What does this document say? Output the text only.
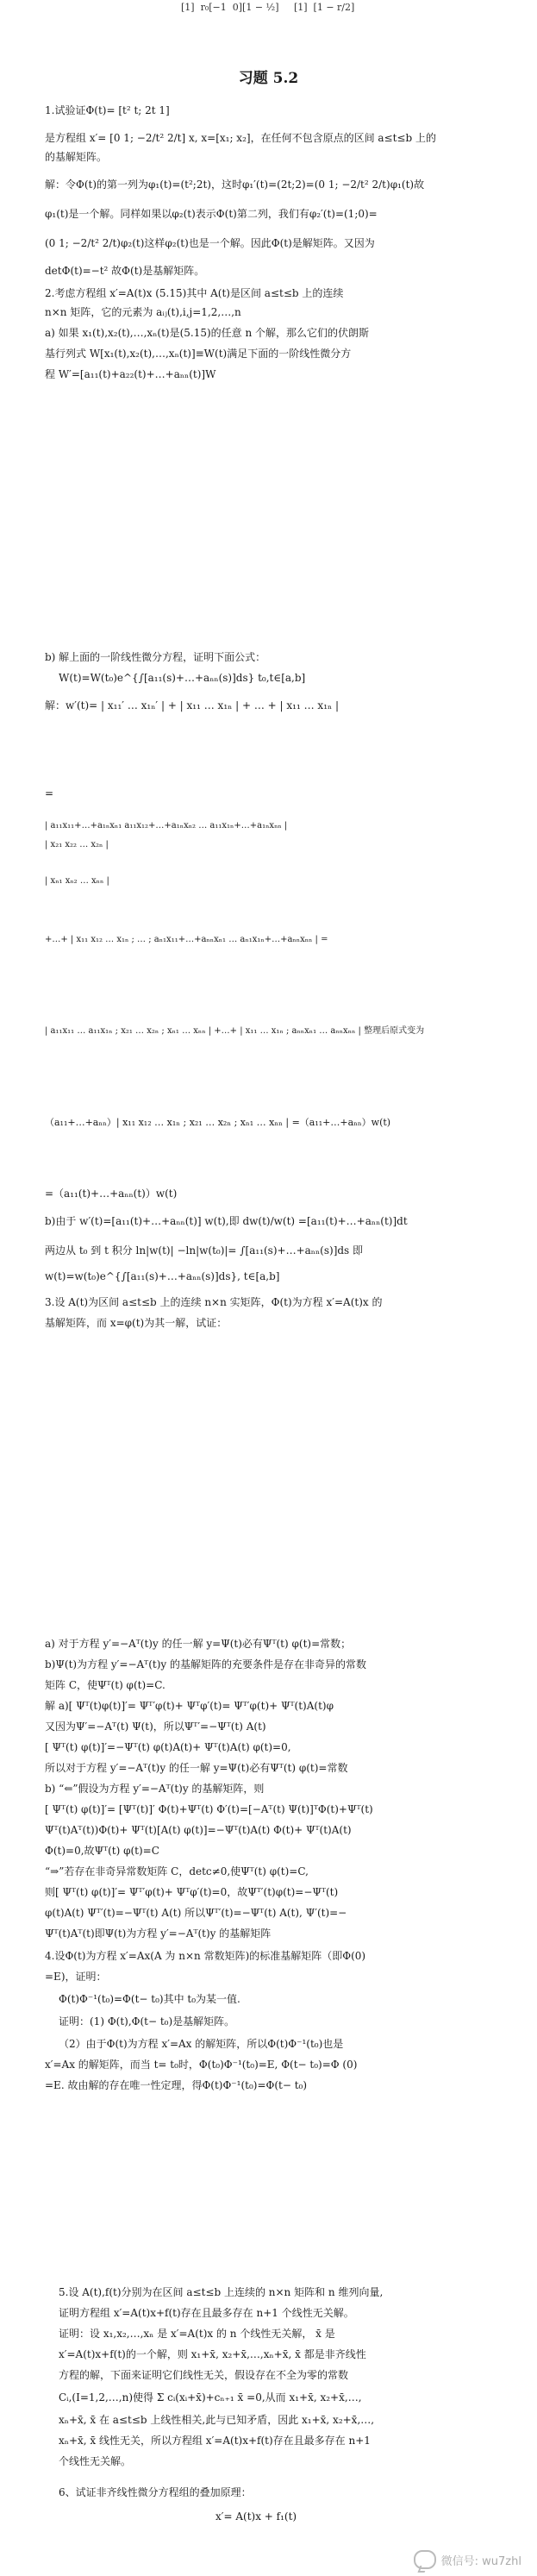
[1]  r₀[−1  0][1 − ½]     [1]  [1 − r/2]
习题 5.2
1.试验证Φ(t)= [t² t; 2t 1]
是方程组 x′= [0 1; −2/t² 2/t] x, x=[x₁; x₂]，在任何不包含原点的区间 a≤t≤b 上的
的基解矩阵。
解：令Φ(t)的第一列为φ₁(t)=(t²;2t)，这时φ₁′(t)=(2t;2)=(0 1; −2/t² 2/t)φ₁(t)故
φ₁(t)是一个解。同样如果以φ₂(t)表示Φ(t)第二列，我们有φ₂′(t)=(1;0)=
(0 1; −2/t² 2/t)φ₂(t)这样φ₂(t)也是一个解。因此Φ(t)是解矩阵。又因为
detΦ(t)=−t² 故Φ(t)是基解矩阵。
2.考虑方程组 x′=A(t)x (5.15)其中 A(t)是区间 a≤t≤b 上的连续
n×n 矩阵，它的元素为 aᵢⱼ(t),i,j=1,2,…,n
a) 如果 x₁(t),x₂(t),…,xₙ(t)是(5.15)的任意 n 个解，那么它们的伏朗斯
基行列式 W[x₁(t),x₂(t),…,xₙ(t)]≡W(t)满足下面的一阶线性微分方
程 W′=[a₁₁(t)+a₂₂(t)+…+aₙₙ(t)]W
b) 解上面的一阶线性微分方程，证明下面公式：
W(t)=W(t₀)e^{∫[a₁₁(s)+…+aₙₙ(s)]ds} t₀,t∈[a,b]
解：w′(t)= | x₁₁′ … x₁ₙ′ | + | x₁₁ … x₁ₙ | + … + | x₁₁ … x₁ₙ |
=
| a₁₁x₁₁+…+a₁ₙxₙ₁ a₁₁x₁₂+…+a₁ₙxₙ₂ … a₁₁x₁ₙ+…+a₁ₙxₙₙ |
| x₂₁ x₂₂ … x₂ₙ |
| xₙ₁ xₙ₂ … xₙₙ |
+…+ | x₁₁ x₁₂ … x₁ₙ ; … ; aₙ₁x₁₁+…+aₙₙxₙ₁ … aₙ₁x₁ₙ+…+aₙₙxₙₙ | =
| a₁₁x₁₁ … a₁₁x₁ₙ ; x₂₁ … x₂ₙ ; xₙ₁ … xₙₙ | +…+ | x₁₁ … x₁ₙ ; aₙₙxₙ₁ … aₙₙxₙₙ | 整理后原式变为
（a₁₁+…+aₙₙ）| x₁₁ x₁₂ … x₁ₙ ; x₂₁ … x₂ₙ ; xₙ₁ … xₙₙ | =（a₁₁+…+aₙₙ）w(t)
=（a₁₁(t)+…+aₙₙ(t)）w(t)
b)由于 w′(t)=[a₁₁(t)+…+aₙₙ(t)] w(t),即 dw(t)/w(t) =[a₁₁(t)+…+aₙₙ(t)]dt
两边从 t₀ 到 t 积分 ln|w(t)| −ln|w(t₀)|= ∫[a₁₁(s)+…+aₙₙ(s)]ds 即
w(t)=w(t₀)e^{∫[a₁₁(s)+…+aₙₙ(s)]ds}, t∈[a,b]
3.设 A(t)为区间 a≤t≤b 上的连续 n×n 实矩阵，Φ(t)为方程 x′=A(t)x 的
基解矩阵，而 x=φ(t)为其一解，试证：
a) 对于方程 y′=−Aᵀ(t)y 的任一解 y=Ψ(t)必有Ψᵀ(t) φ(t)=常数；
b)Ψ(t)为方程 y′=−Aᵀ(t)y 的基解矩阵的充要条件是存在非奇异的常数
矩阵 C，使Ψᵀ(t) φ(t)=C.
解 a)[ Ψᵀ(t)φ(t)]′= Ψᵀ′φ(t)+ Ψᵀφ′(t)= Ψᵀ′φ(t)+ Ψᵀ(t)A(t)φ
又因为Ψ′=−Aᵀ(t) Ψ(t)，所以Ψᵀ′=−Ψᵀ(t) A(t)
[ Ψᵀ(t) φ(t)]′=−Ψᵀ(t) φ(t)A(t)+ Ψᵀ(t)A(t) φ(t)=0,
所以对于方程 y′=−Aᵀ(t)y 的任一解 y=Ψ(t)必有Ψᵀ(t) φ(t)=常数
b) “⇐”假设为方程 y′=−Aᵀ(t)y 的基解矩阵，则
[ Ψᵀ(t) φ(t)]′= [Ψᵀ(t)]′ Φ(t)+Ψᵀ(t) Φ′(t)=[−Aᵀ(t) Ψ(t)]ᵀΦ(t)+Ψᵀ(t)
Ψᵀ(t)Aᵀ(t))Φ(t)+ Ψᵀ(t)[A(t) φ(t)]=−Ψᵀ(t)A(t) Φ(t)+ Ψᵀ(t)A(t)
Φ(t)=0,故Ψᵀ(t) φ(t)=C
“⇒”若存在非奇异常数矩阵 C，detc≠0,使Ψᵀ(t) φ(t)=C,
则[ Ψᵀ(t) φ(t)]′= Ψᵀ′φ(t)+ Ψᵀφ′(t)=0，故Ψᵀ′(t)φ(t)=−Ψᵀ(t)
φ(t)A(t) Ψᵀ′(t)=−Ψᵀ(t) A(t) 所以Ψᵀ′(t)=−Ψᵀ(t) A(t), Ψ′(t)=−
Ψᵀ(t)Aᵀ(t)即Ψ(t)为方程 y′=−Aᵀ(t)y 的基解矩阵
4.设Φ(t)为方程 x′=Ax(A 为 n×n 常数矩阵)的标准基解矩阵（即Φ(0)
=E)，证明：
Φ(t)Φ⁻¹(t₀)=Φ(t− t₀)其中 t₀为某一值.
证明：(1) Φ(t),Φ(t− t₀)是基解矩阵。
（2）由于Φ(t)为方程 x′=Ax 的解矩阵，所以Φ(t)Φ⁻¹(t₀)也是
x′=Ax 的解矩阵，而当 t= t₀时，Φ(t₀)Φ⁻¹(t₀)=E, Φ(t− t₀)=Φ (0)
=E. 故由解的存在唯一性定理，得Φ(t)Φ⁻¹(t₀)=Φ(t− t₀)
5.设 A(t),f(t)分别为在区间 a≤t≤b 上连续的 n×n 矩阵和 n 维列向量,
证明方程组 x′=A(t)x+f(t)存在且最多存在 n+1 个线性无关解。
证明：设 x₁,x₂,…,xₙ 是 x′=A(t)x 的 n 个线性无关解， x̄ 是
x′=A(t)x+f(t)的一个解，则 x₁+x̄, x₂+x̄,…,xₙ+x̄, x̄ 都是非齐线性
方程的解，下面来证明它们线性无关，假设存在不全为零的常数
Cᵢ,(I=1,2,…,n)使得 Σ cᵢ(xᵢ+x̄)+cₙ₊₁ x̄ =0,从而 x₁+x̄, x₂+x̄,…,
xₙ+x̄, x̄ 在 a≤t≤b 上线性相关,此与已知矛盾，因此 x₁+x̄, x₂+x̄,…,
xₙ+x̄, x̄ 线性无关，所以方程组 x′=A(t)x+f(t)存在且最多存在 n+1
个线性无关解。
6、试证非齐线性微分方程组的叠加原理：
x′= A(t)x + f₁(t)
微信号: wu7zhl
